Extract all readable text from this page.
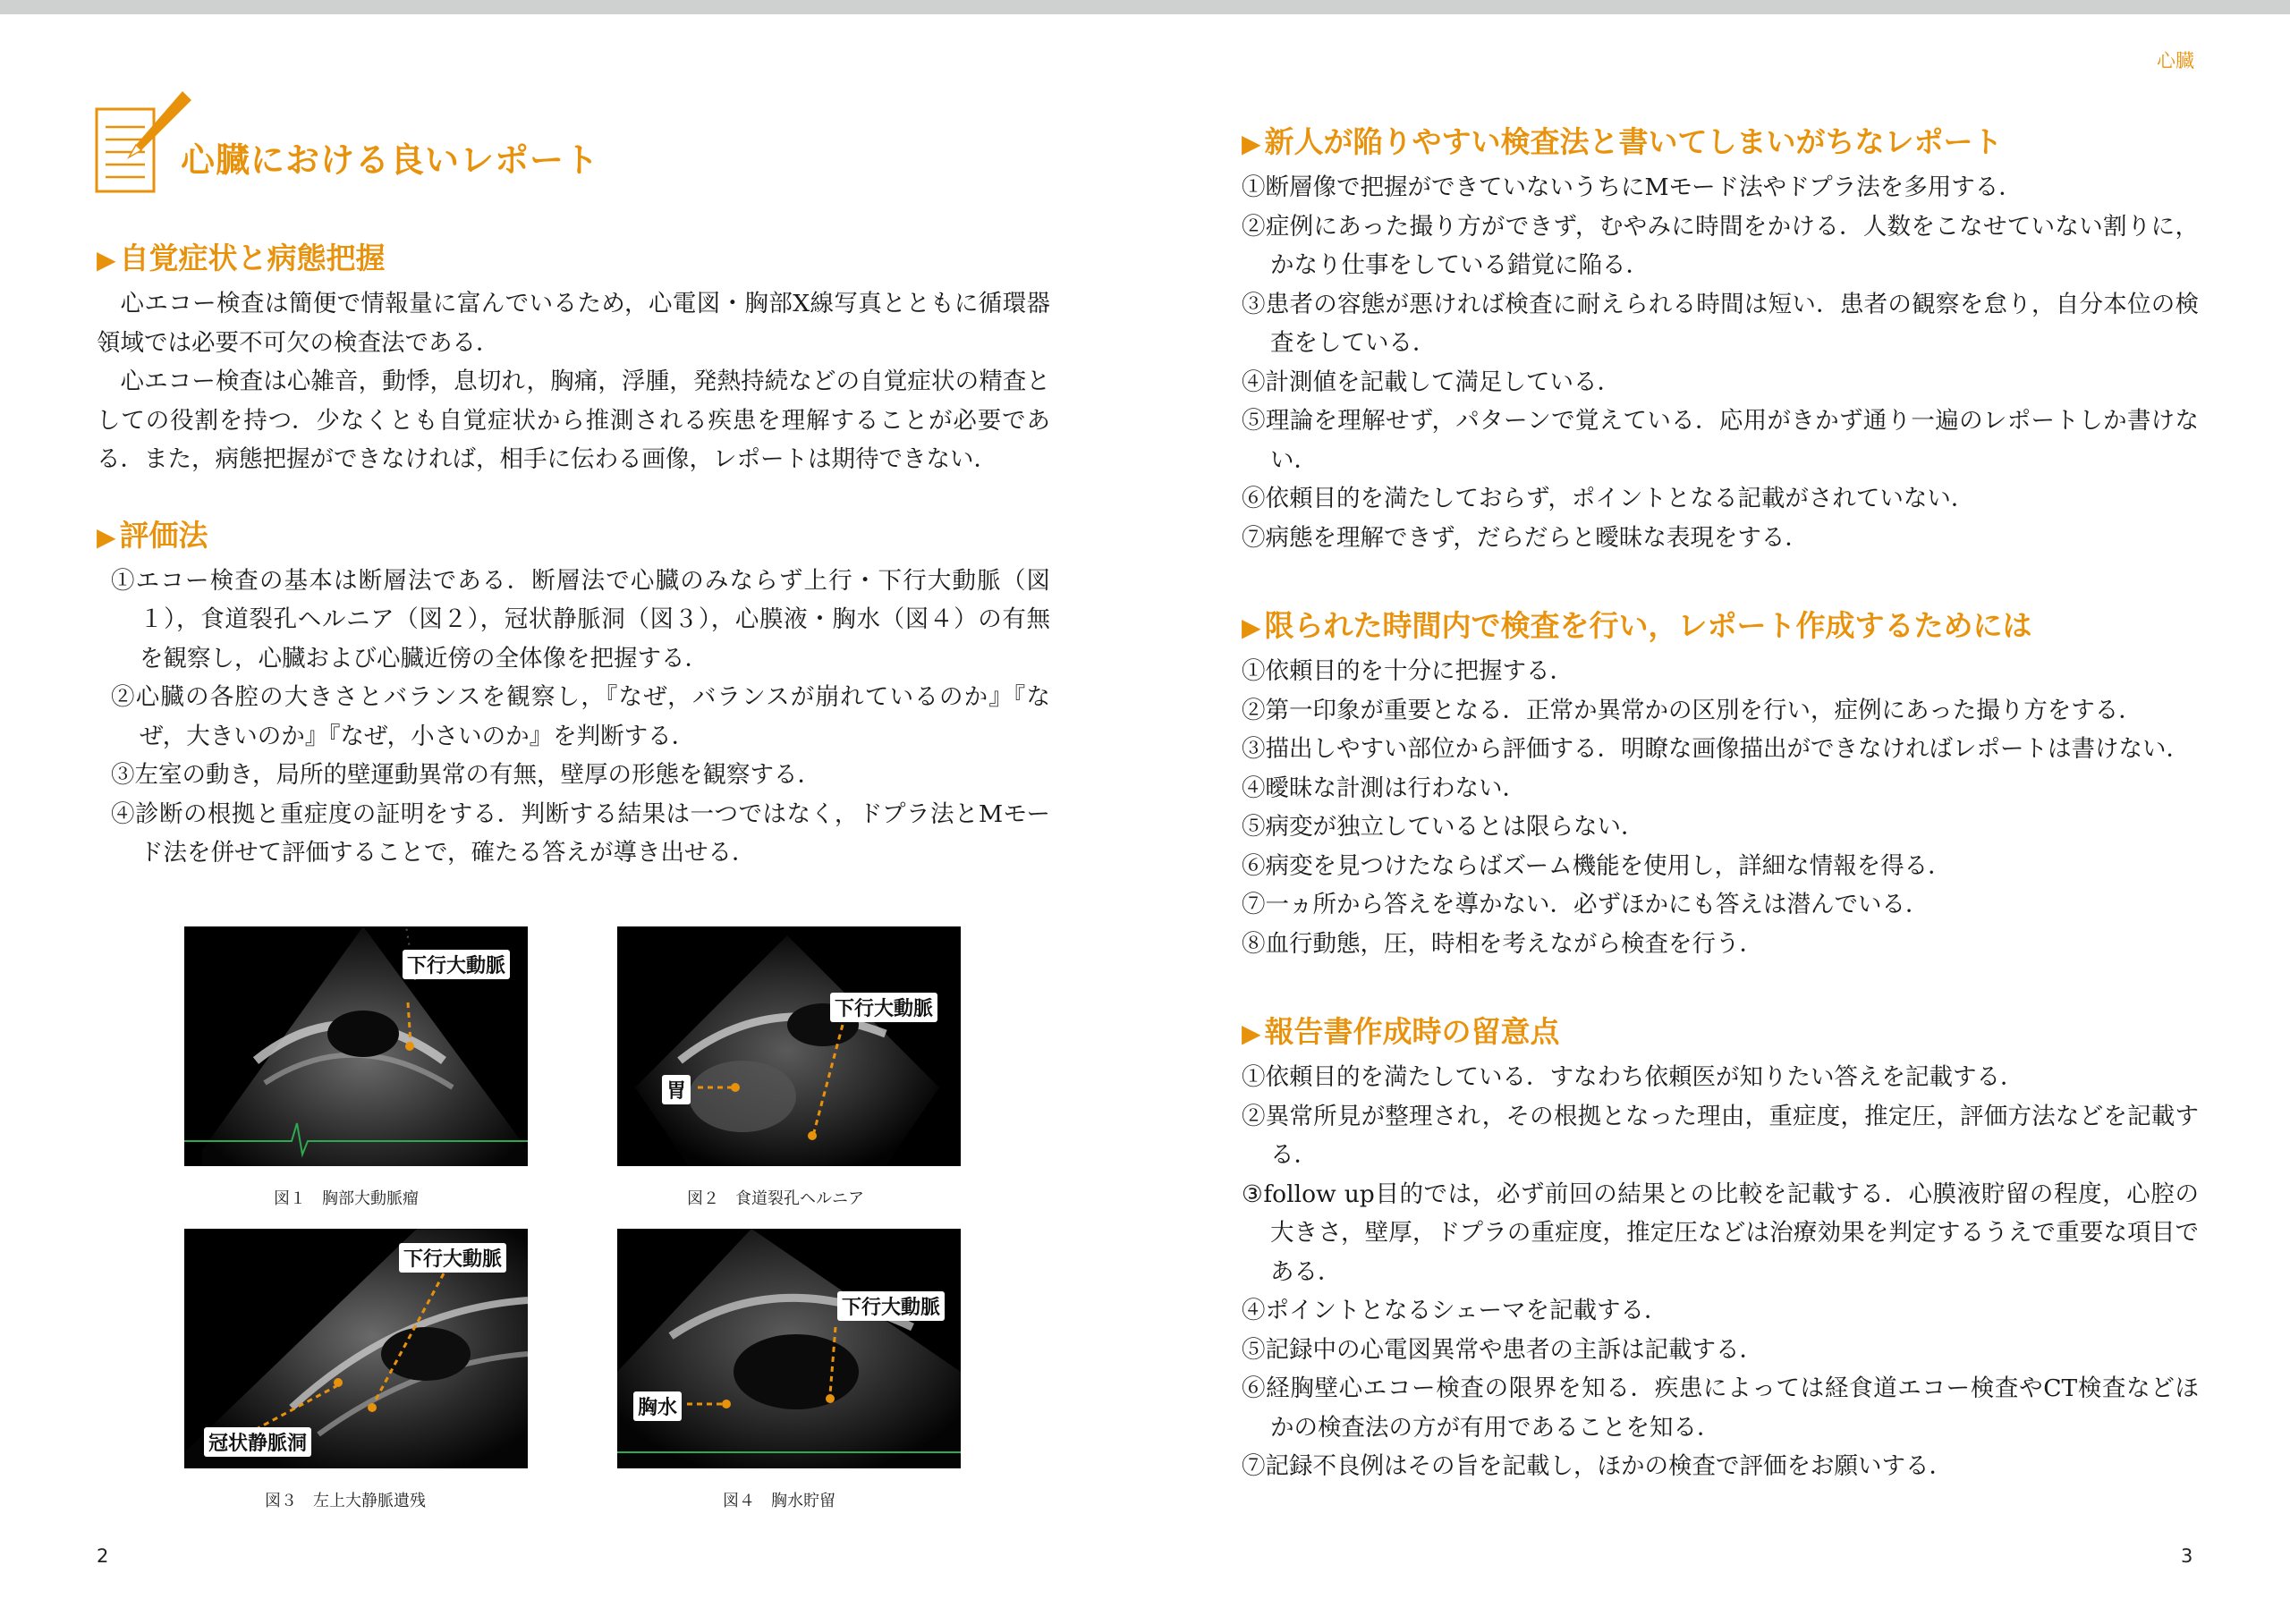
心臓
心臓における良いレポート
▶ 自覚症状と病態把握

心エコー検査は簡便で情報量に富んでいるため，心電図・胸部X線写真とともに循環器領域では必要不可欠の検査法である．

心エコー検査は心雑音，動悸，息切れ，胸痛，浮腫，発熱持続などの自覚症状の精査としての役割を持つ．少なくとも自覚症状から推測される疾患を理解することが必要である．また，病態把握ができなければ，相手に伝わる画像，レポートは期待できない．

▶ 評価法
①エコー検査の基本は断層法である．断層法で心臓のみならず上行・下行大動脈（図１），食道裂孔ヘルニア（図２），冠状静脈洞（図３），心膜液・胸水（図４）の有無を観察し，心臓および心臓近傍の全体像を把握する．
②心臓の各腔の大きさとバランスを観察し，『なぜ，バランスが崩れているのか』『なぜ，大きいのか』『なぜ，小さいのか』を判断する．
③左室の動き，局所的壁運動異常の有無，壁厚の形態を観察する．
④診断の根拠と重症度の証明をする．判断する結果は一つではなく，ドプラ法とMモード法を併せて評価することで，確たる答えが導き出せる．
下行大動脈
図１　胸部大動脈瘤
下行大動脈
胃
図２　食道裂孔ヘルニア
下行大動脈
冠状静脈洞
図３　左上大静脈遺残
下行大動脈
胸水
図４　胸水貯留
▶ 新人が陥りやすい検査法と書いてしまいがちなレポート
①断層像で把握ができていないうちにMモード法やドプラ法を多用する．
②症例にあった撮り方ができず，むやみに時間をかける．人数をこなせていない割りに，かなり仕事をしている錯覚に陥る．
③患者の容態が悪ければ検査に耐えられる時間は短い．患者の観察を怠り，自分本位の検査をしている．
④計測値を記載して満足している．
⑤理論を理解せず，パターンで覚えている．応用がきかず通り一遍のレポートしか書けない．
⑥依頼目的を満たしておらず，ポイントとなる記載がされていない．
⑦病態を理解できず，だらだらと曖昧な表現をする．
▶ 限られた時間内で検査を行い，レポート作成するためには
①依頼目的を十分に把握する．
②第一印象が重要となる．正常か異常かの区別を行い，症例にあった撮り方をする．
③描出しやすい部位から評価する．明瞭な画像描出ができなければレポートは書けない．
④曖昧な計測は行わない．
⑤病変が独立しているとは限らない．
⑥病変を見つけたならばズーム機能を使用し，詳細な情報を得る．
⑦一ヵ所から答えを導かない．必ずほかにも答えは潜んでいる．
⑧血行動態，圧，時相を考えながら検査を行う．
▶ 報告書作成時の留意点
①依頼目的を満たしている．すなわち依頼医が知りたい答えを記載する．
②異常所見が整理され，その根拠となった理由，重症度，推定圧，評価方法などを記載する．
③follow up目的では，必ず前回の結果との比較を記載する．心膜液貯留の程度，心腔の大きさ，壁厚，ドプラの重症度，推定圧などは治療効果を判定するうえで重要な項目である．
④ポイントとなるシェーマを記載する．
⑤記録中の心電図異常や患者の主訴は記載する．
⑥経胸壁心エコー検査の限界を知る．疾患によっては経食道エコー検査やCT検査などほかの検査法の方が有用であることを知る．
⑦記録不良例はその旨を記載し，ほかの検査で評価をお願いする．
2	3
